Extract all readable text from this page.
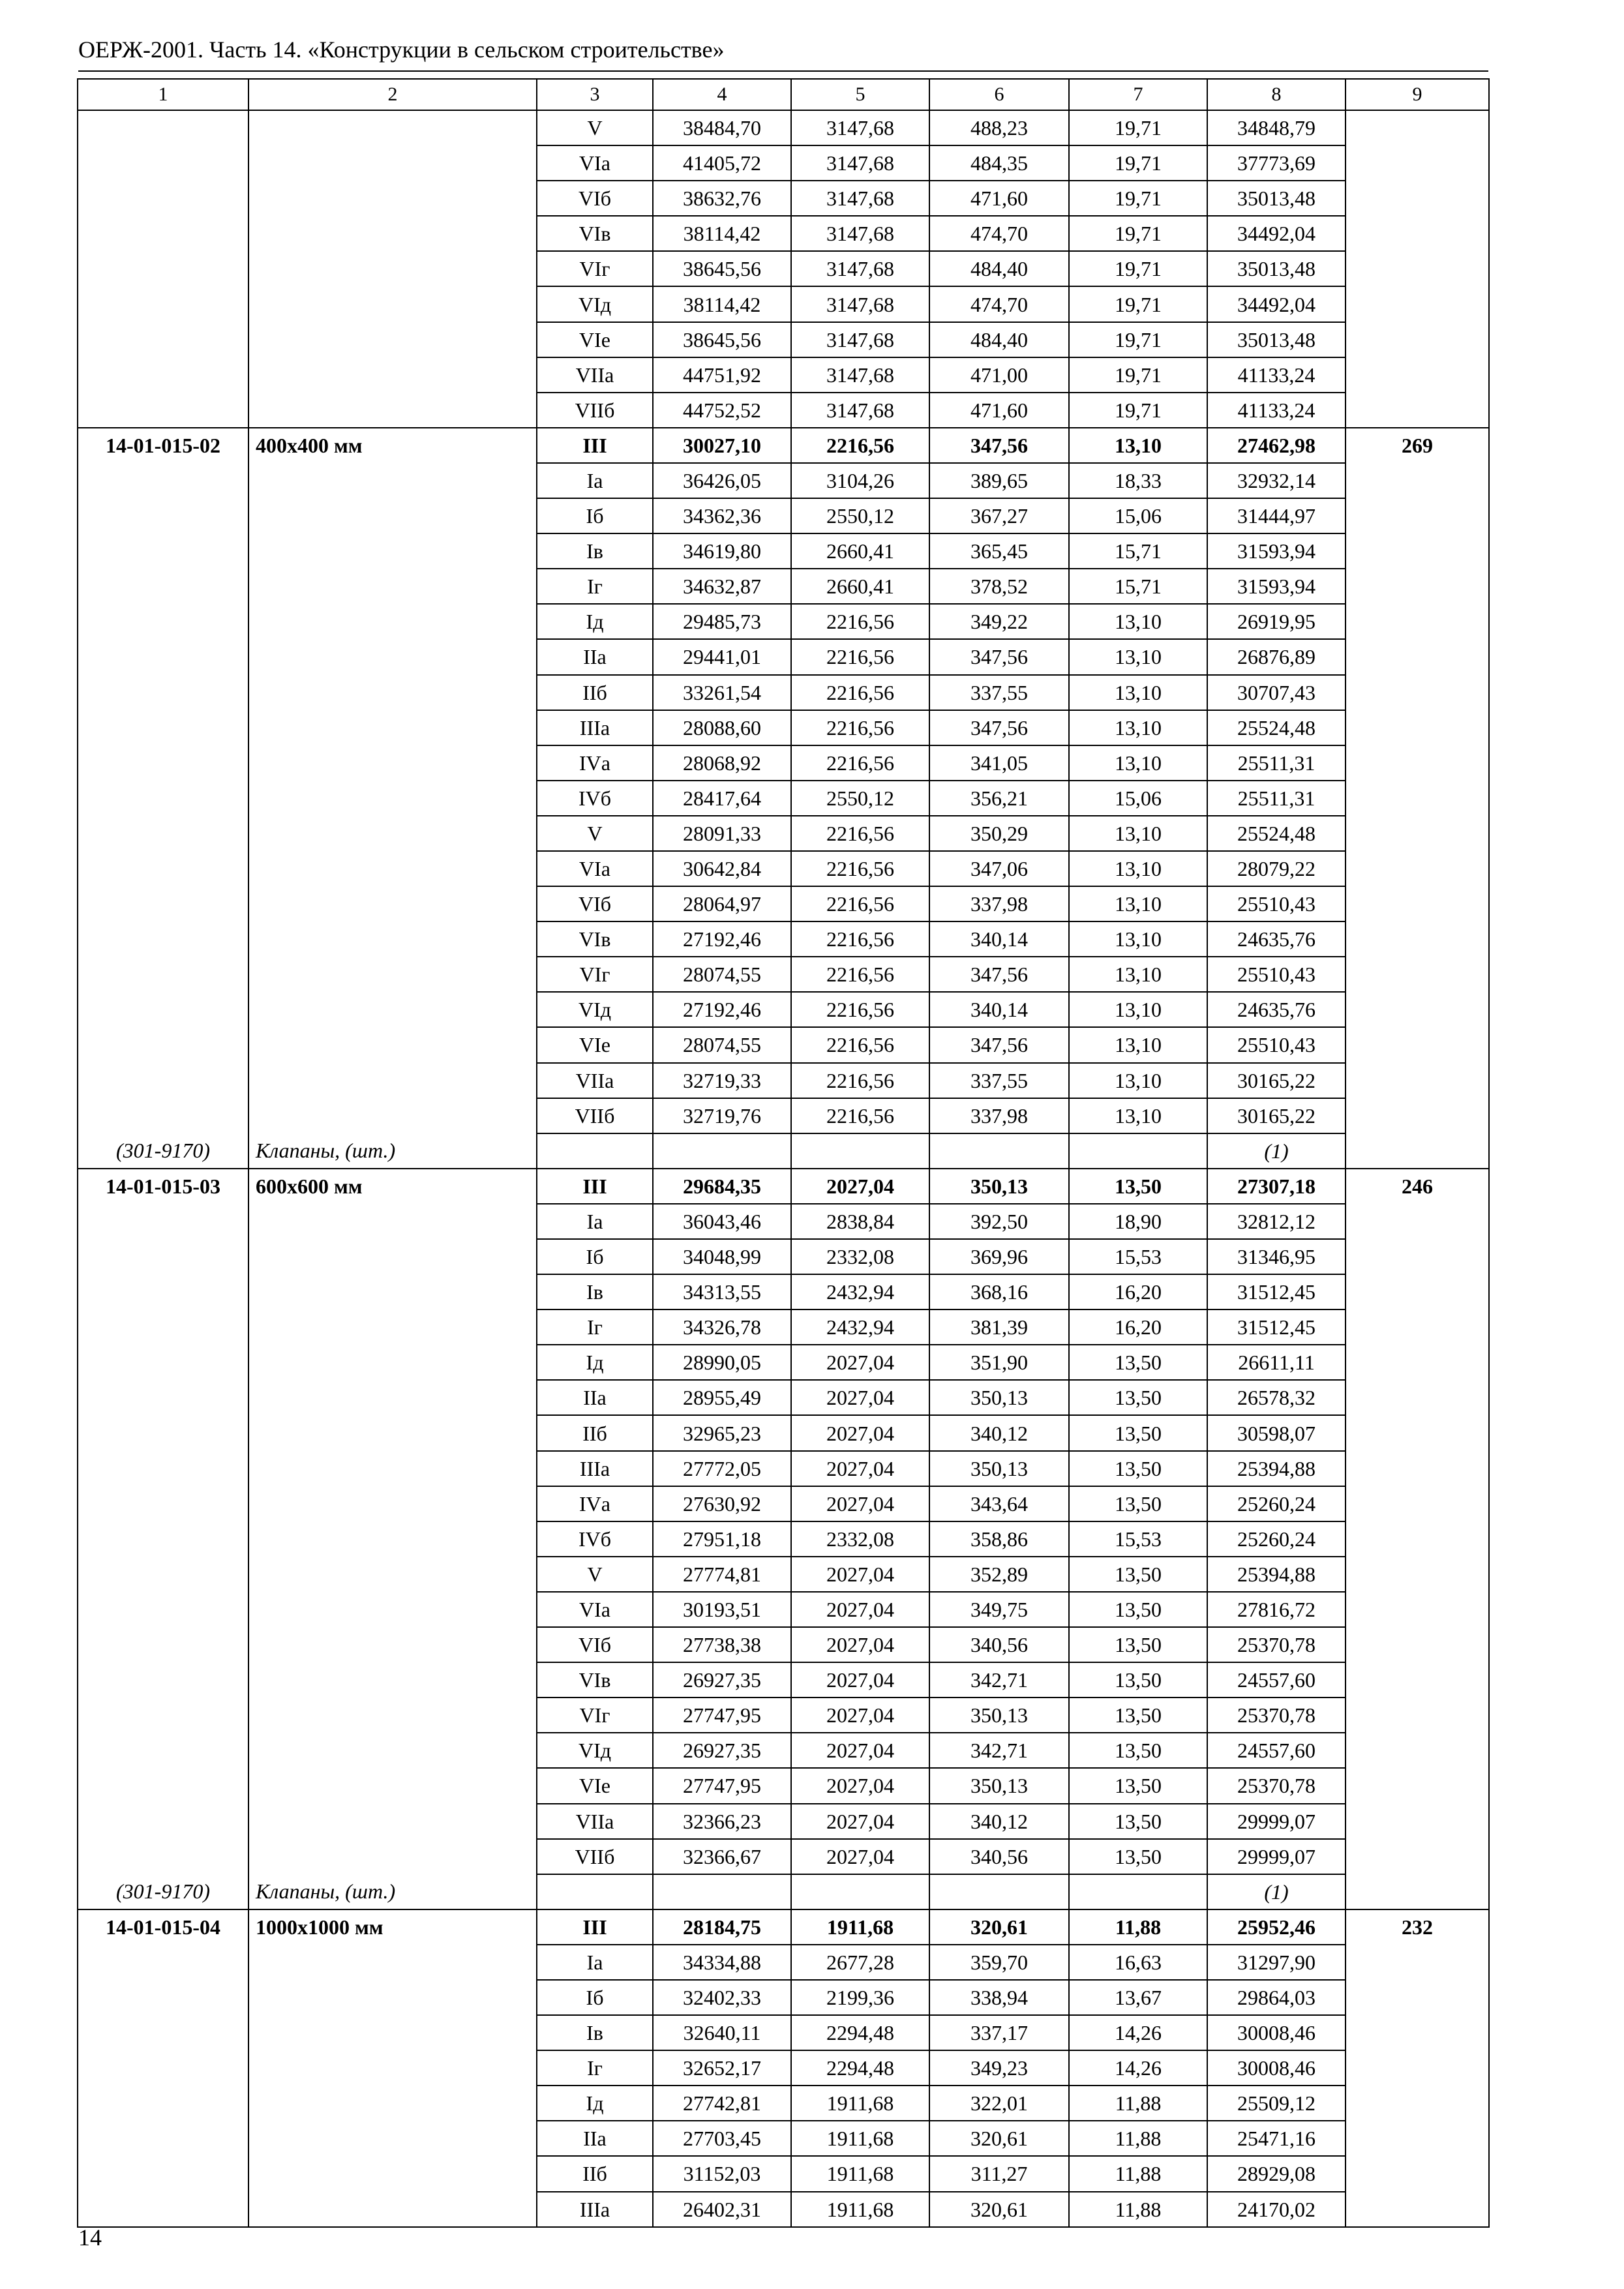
ОЕРЖ-2001. Часть 14. «Конструкции в сельском строительстве»
1	2	3	4	5	6	7	8	9
		V	38484,70	3147,68	488,23	19,71	34848,79	
		VIа	41405,72	3147,68	484,35	19,71	37773,69	
		VIб	38632,76	3147,68	471,60	19,71	35013,48	
		VIв	38114,42	3147,68	474,70	19,71	34492,04	
		VIг	38645,56	3147,68	484,40	19,71	35013,48	
		VIд	38114,42	3147,68	474,70	19,71	34492,04	
		VIе	38645,56	3147,68	484,40	19,71	35013,48	
		VIIа	44751,92	3147,68	471,00	19,71	41133,24	
		VIIб	44752,52	3147,68	471,60	19,71	41133,24	
14-01-015-02	400х400 мм	III	30027,10	2216,56	347,56	13,10	27462,98	269
		Iа	36426,05	3104,26	389,65	18,33	32932,14	
		Iб	34362,36	2550,12	367,27	15,06	31444,97	
		Iв	34619,80	2660,41	365,45	15,71	31593,94	
		Iг	34632,87	2660,41	378,52	15,71	31593,94	
		Iд	29485,73	2216,56	349,22	13,10	26919,95	
		IIа	29441,01	2216,56	347,56	13,10	26876,89	
		IIб	33261,54	2216,56	337,55	13,10	30707,43	
		IIIа	28088,60	2216,56	347,56	13,10	25524,48	
		IVа	28068,92	2216,56	341,05	13,10	25511,31	
		IVб	28417,64	2550,12	356,21	15,06	25511,31	
		V	28091,33	2216,56	350,29	13,10	25524,48	
		VIа	30642,84	2216,56	347,06	13,10	28079,22	
		VIб	28064,97	2216,56	337,98	13,10	25510,43	
		VIв	27192,46	2216,56	340,14	13,10	24635,76	
		VIг	28074,55	2216,56	347,56	13,10	25510,43	
		VIд	27192,46	2216,56	340,14	13,10	24635,76	
		VIе	28074,55	2216,56	347,56	13,10	25510,43	
		VIIа	32719,33	2216,56	337,55	13,10	30165,22	
		VIIб	32719,76	2216,56	337,98	13,10	30165,22	
(301-9170)	Клапаны, (шт.)						(1)	
14-01-015-03	600х600 мм	III	29684,35	2027,04	350,13	13,50	27307,18	246
		Iа	36043,46	2838,84	392,50	18,90	32812,12	
		Iб	34048,99	2332,08	369,96	15,53	31346,95	
		Iв	34313,55	2432,94	368,16	16,20	31512,45	
		Iг	34326,78	2432,94	381,39	16,20	31512,45	
		Iд	28990,05	2027,04	351,90	13,50	26611,11	
		IIа	28955,49	2027,04	350,13	13,50	26578,32	
		IIб	32965,23	2027,04	340,12	13,50	30598,07	
		IIIа	27772,05	2027,04	350,13	13,50	25394,88	
		IVа	27630,92	2027,04	343,64	13,50	25260,24	
		IVб	27951,18	2332,08	358,86	15,53	25260,24	
		V	27774,81	2027,04	352,89	13,50	25394,88	
		VIа	30193,51	2027,04	349,75	13,50	27816,72	
		VIб	27738,38	2027,04	340,56	13,50	25370,78	
		VIв	26927,35	2027,04	342,71	13,50	24557,60	
		VIг	27747,95	2027,04	350,13	13,50	25370,78	
		VIд	26927,35	2027,04	342,71	13,50	24557,60	
		VIе	27747,95	2027,04	350,13	13,50	25370,78	
		VIIа	32366,23	2027,04	340,12	13,50	29999,07	
		VIIб	32366,67	2027,04	340,56	13,50	29999,07	
(301-9170)	Клапаны, (шт.)						(1)	
14-01-015-04	1000х1000 мм	III	28184,75	1911,68	320,61	11,88	25952,46	232
		Iа	34334,88	2677,28	359,70	16,63	31297,90	
		Iб	32402,33	2199,36	338,94	13,67	29864,03	
		Iв	32640,11	2294,48	337,17	14,26	30008,46	
		Iг	32652,17	2294,48	349,23	14,26	30008,46	
		Iд	27742,81	1911,68	322,01	11,88	25509,12	
		IIа	27703,45	1911,68	320,61	11,88	25471,16	
		IIб	31152,03	1911,68	311,27	11,88	28929,08	
		IIIа	26402,31	1911,68	320,61	11,88	24170,02	
14
